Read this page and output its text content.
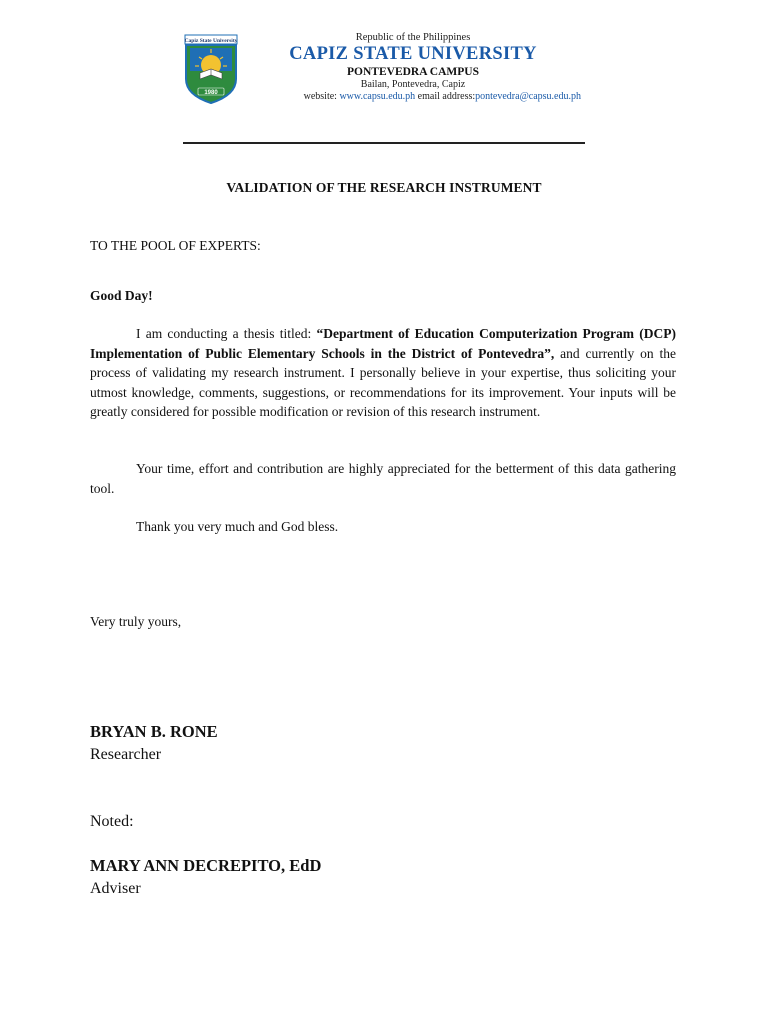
Capiz State University
1980
Republic of the Philippines
CAPIZ STATE UNIVERSITY
PONTEVEDRA CAMPUS
Bailan, Pontevedra, Capiz
website: www.capsu.edu.ph email address:pontevedra@capsu.edu.ph
VALIDATION OF THE RESEARCH INSTRUMENT
TO THE POOL OF EXPERTS:
Good Day!

I am conducting a thesis titled: “Department of Education Computerization Program (DCP) Implementation of Public Elementary Schools in the District of Pontevedra”, and currently on the process of validating my research instrument. I personally believe in your expertise, thus soliciting your utmost knowledge, comments, suggestions, or recommendations for its improvement. Your inputs will be greatly considered for possible modification or revision of this research instrument.

Your time, effort and contribution are highly appreciated for the betterment of this data gathering tool.

Thank you very much and God bless.

Very truly yours,
BRYAN B. RONE
Researcher
Noted:
MARY ANN DECREPITO, EdD
Adviser
